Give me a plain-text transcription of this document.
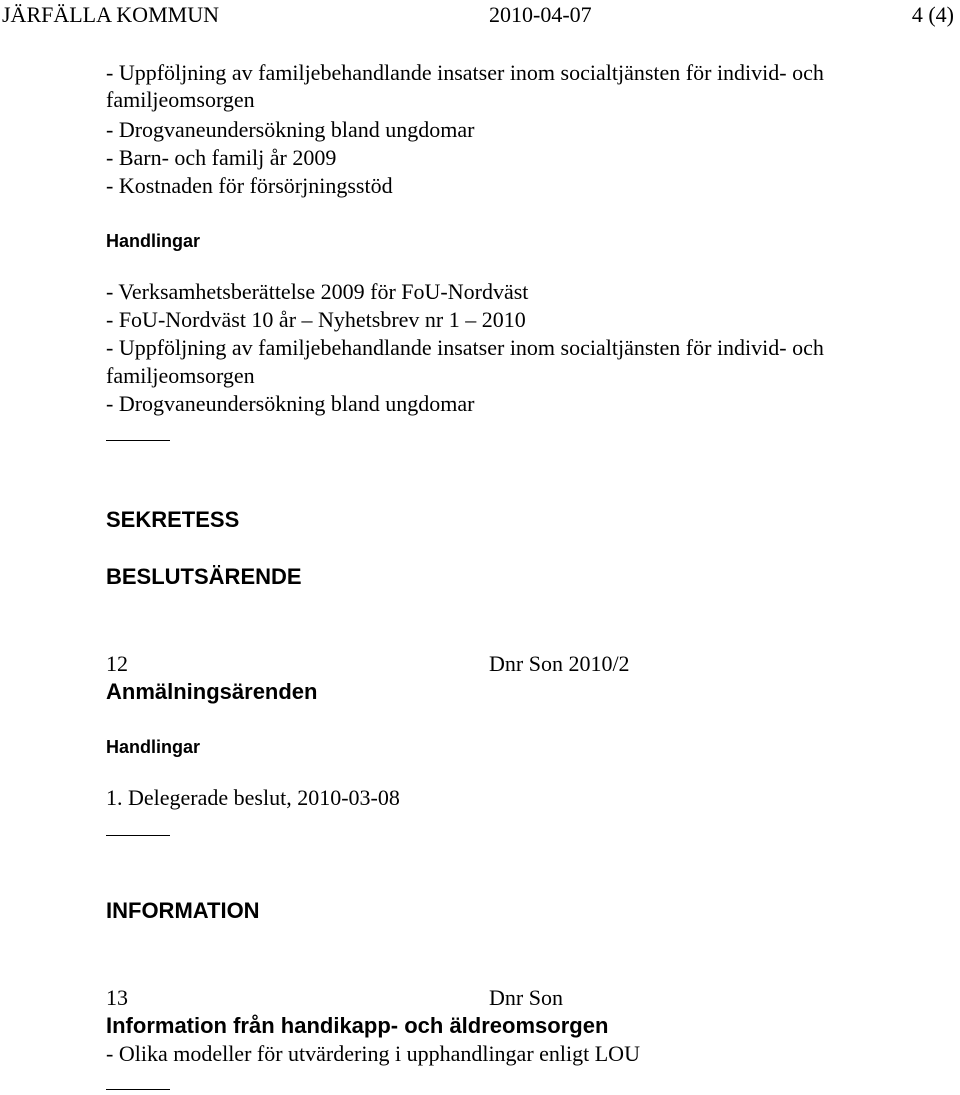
JÄRFÄLLA KOMMUN	2010-04-07	4 (4)
- Uppföljning av familjebehandlande insatser inom socialtjänsten för individ- och
familjeomsorgen
- Drogvaneundersökning bland ungdomar
- Barn- och familj år 2009
- Kostnaden för försörjningsstöd
Handlingar
- Verksamhetsberättelse 2009 för FoU-Nordväst
- FoU-Nordväst 10 år – Nyhetsbrev nr 1 – 2010
- Uppföljning av familjebehandlande insatser inom socialtjänsten för individ- och
familjeomsorgen
- Drogvaneundersökning bland ungdomar
SEKRETESS
BESLUTSÄRENDE
12	Dnr Son 2010/2
Anmälningsärenden
Handlingar
1. Delegerade beslut, 2010-03-08
INFORMATION
13	Dnr Son
Information från handikapp- och äldreomsorgen
- Olika modeller för utvärdering i upphandlingar enligt LOU
